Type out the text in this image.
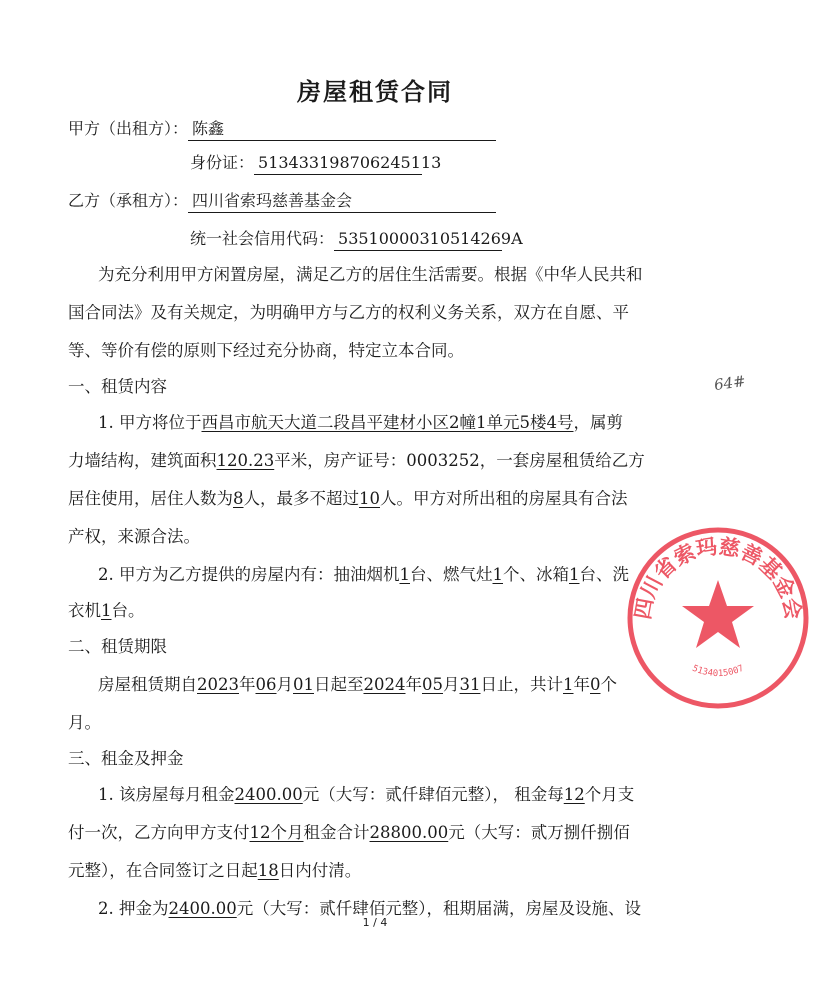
房屋租赁合同
甲方（出租方）： 陈鑫
身份证： 513433198706245113
乙方（承租方）： 四川省索玛慈善基金会
统一社会信用代码： 53510000310514269A
为充分利用甲方闲置房屋，满足乙方的居住生活需要。根据《中华人民共和
国合同法》及有关规定，为明确甲方与乙方的权利义务关系，双方在自愿、平
等、等价有偿的原则下经过充分协商，特定立本合同。
一、租赁内容
1. 甲方将位于西昌市航天大道二段昌平建材小区2幢1单元5楼4号，属剪
力墙结构，建筑面积120.23平米，房产证号：0003252，一套房屋租赁给乙方
居住使用，居住人数为8人，最多不超过10人。甲方对所出租的房屋具有合法
产权，来源合法。
2. 甲方为乙方提供的房屋内有：抽油烟机1台、燃气灶1个、冰箱1台、洗
衣机1台。
二、租赁期限
房屋租赁期自2023年06月01日起至2024年05月31日止，共计1年0个
月。
三、租金及押金
1. 该房屋每月租金2400.00元（大写：贰仟肆佰元整）， 租金每12个月支
付一次，乙方向甲方支付12个月租金合计28800.00元（大写：贰万捌仟捌佰
元整），在合同签订之日起18日内付清。
2. 押金为2400.00元（大写：贰仟肆佰元整），租期届满，房屋及设施、设
1 / 4
64#
四川省索玛慈善基金会
5134015007
